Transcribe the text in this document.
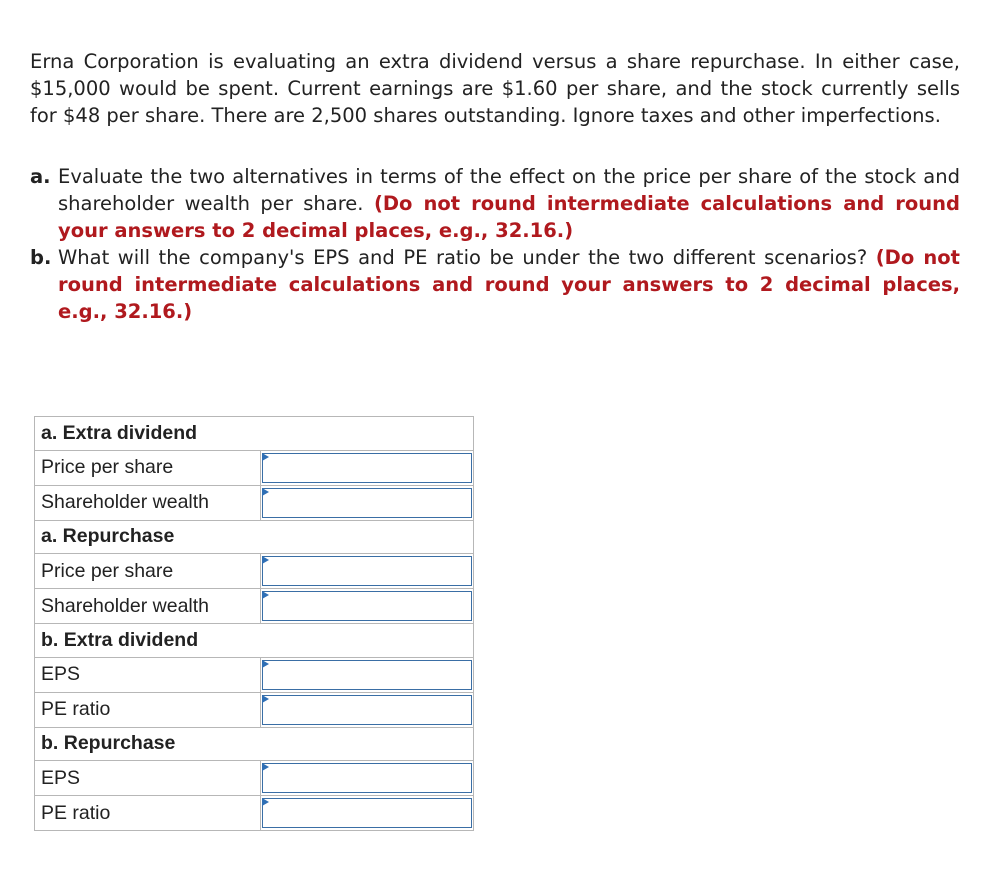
Erna Corporation is evaluating an extra dividend versus a share repurchase. In either case, $15,000 would be spent. Current earnings are $1.60 per share, and the stock currently sells for $48 per share. There are 2,500 shares outstanding. Ignore taxes and other imperfections.

a. Evaluate the two alternatives in terms of the effect on the price per share of the stock and shareholder wealth per share. (Do not round intermediate calculations and round your answers to 2 decimal places, e.g., 32.16.)
b. What will the company's EPS and PE ratio be under the two different scenarios? (Do not round intermediate calculations and round your answers to 2 decimal places, e.g., 32.16.)
a. Extra dividend	
Price per share	

Shareholder wealth	

a. Repurchase	
Price per share	

Shareholder wealth	

b. Extra dividend	
EPS	

PE ratio	

b. Repurchase	
EPS	

PE ratio	
